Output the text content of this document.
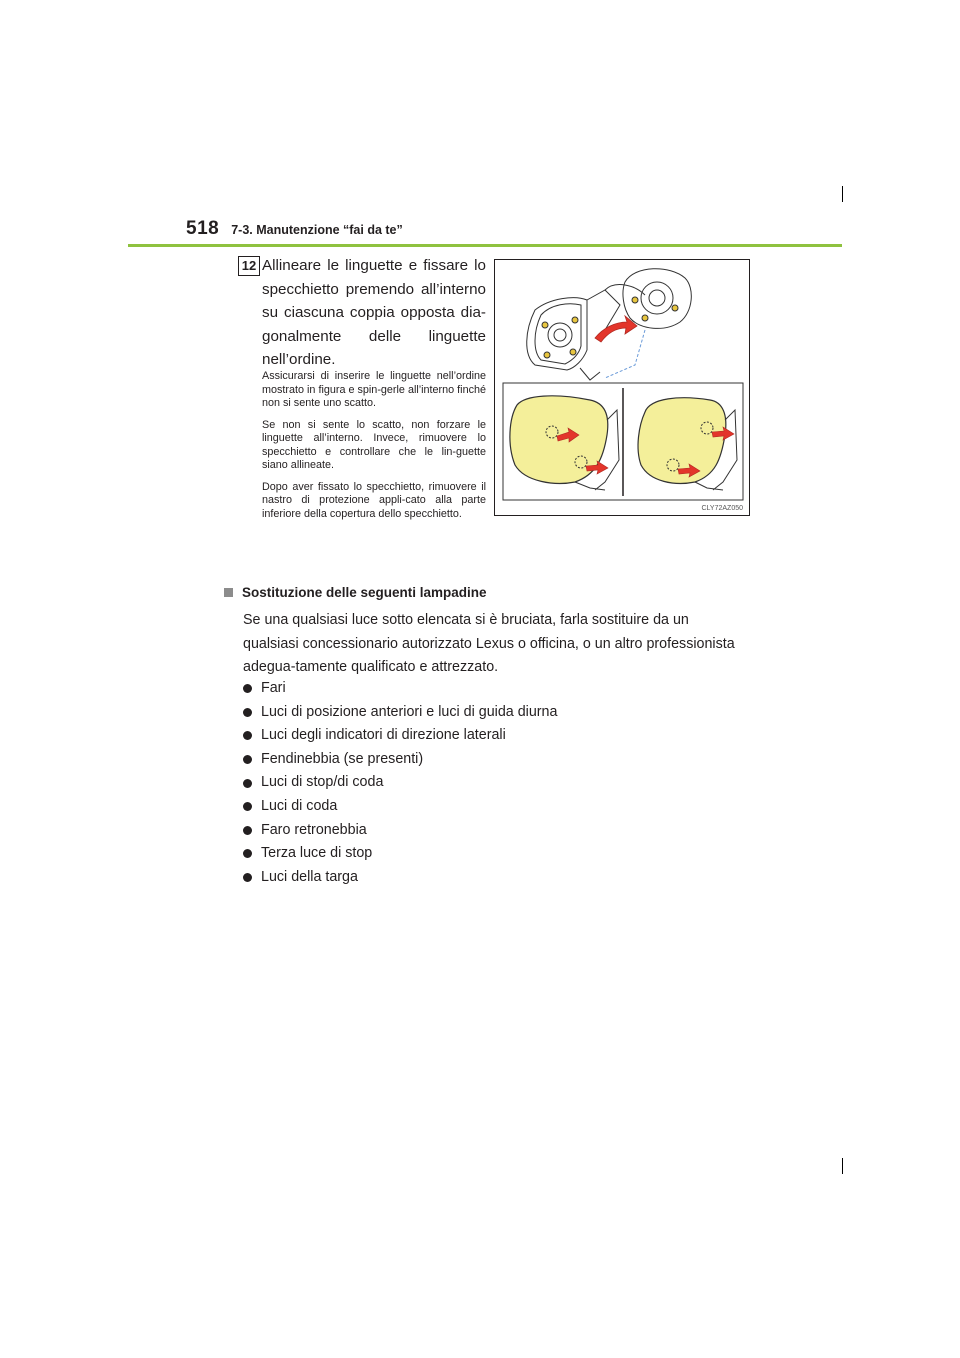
518 7-3. Manutenzione “fai da te”
12 Allineare le linguette e fissare lo specchietto premendo all’interno su ciascuna coppia opposta dia-gonalmente delle linguette nell’ordine.

Assicurarsi di inserire le linguette nell’ordine mostrato in figura e spin-gerle all’interno finché non si sente uno scatto.

Se non si sente lo scatto, non forzare le linguette all’interno. Invece, rimuovere lo specchietto e controllare che le lin-guette siano allineate.

Dopo aver fissato lo specchietto, rimuovere il nastro di protezione appli-cato alla parte inferiore della copertura dello specchietto.	CLY72AZ050
Sostituzione delle seguenti lampadine

Se una qualsiasi luce sotto elencata si è bruciata, farla sostituire da un qualsiasi concessionario autorizzato Lexus o officina, o un altro professionista adegua-tamente qualificato e attrezzato.

Fari
Luci di posizione anteriori e luci di guida diurna
Luci degli indicatori di direzione laterali
Fendinebbia (se presenti)
Luci di stop/di coda
Luci di coda
Faro retronebbia
Terza luce di stop
Luci della targa
